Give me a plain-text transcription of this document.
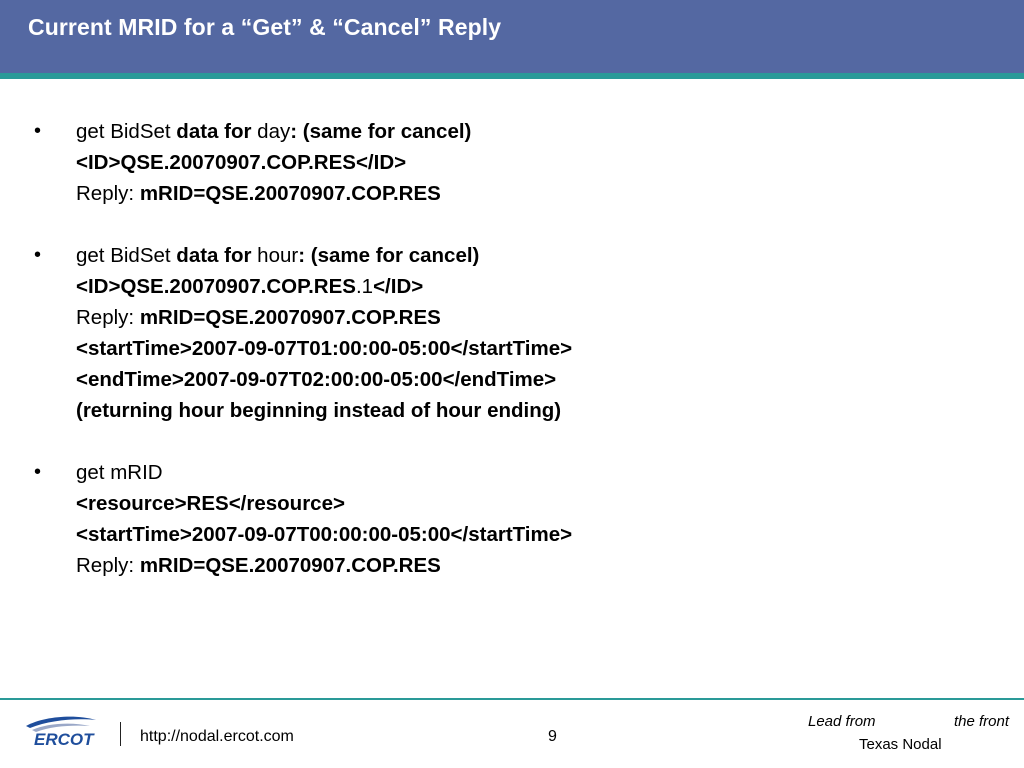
Current MRID for a “Get” & “Cancel” Reply
• get BidSet data for day: (same for cancel)
<ID>QSE.20070907.COP.RES</ID>
Reply: mRID=QSE.20070907.COP.RES
• get BidSet data for hour: (same for cancel)
<ID>QSE.20070907.COP.RES.1</ID>
Reply: mRID=QSE.20070907.COP.RES
<startTime>2007-09-07T01:00:00-05:00</startTime>
<endTime>2007-09-07T02:00:00-05:00</endTime>
(returning hour beginning instead of hour ending)
• get mRID
<resource>RES</resource>
<startTime>2007-09-07T00:00:00-05:00</startTime>
Reply: mRID=QSE.20070907.COP.RES
ERCOT	http://nodal.ercot.com	9
Lead from	the front
Texas Nodal
